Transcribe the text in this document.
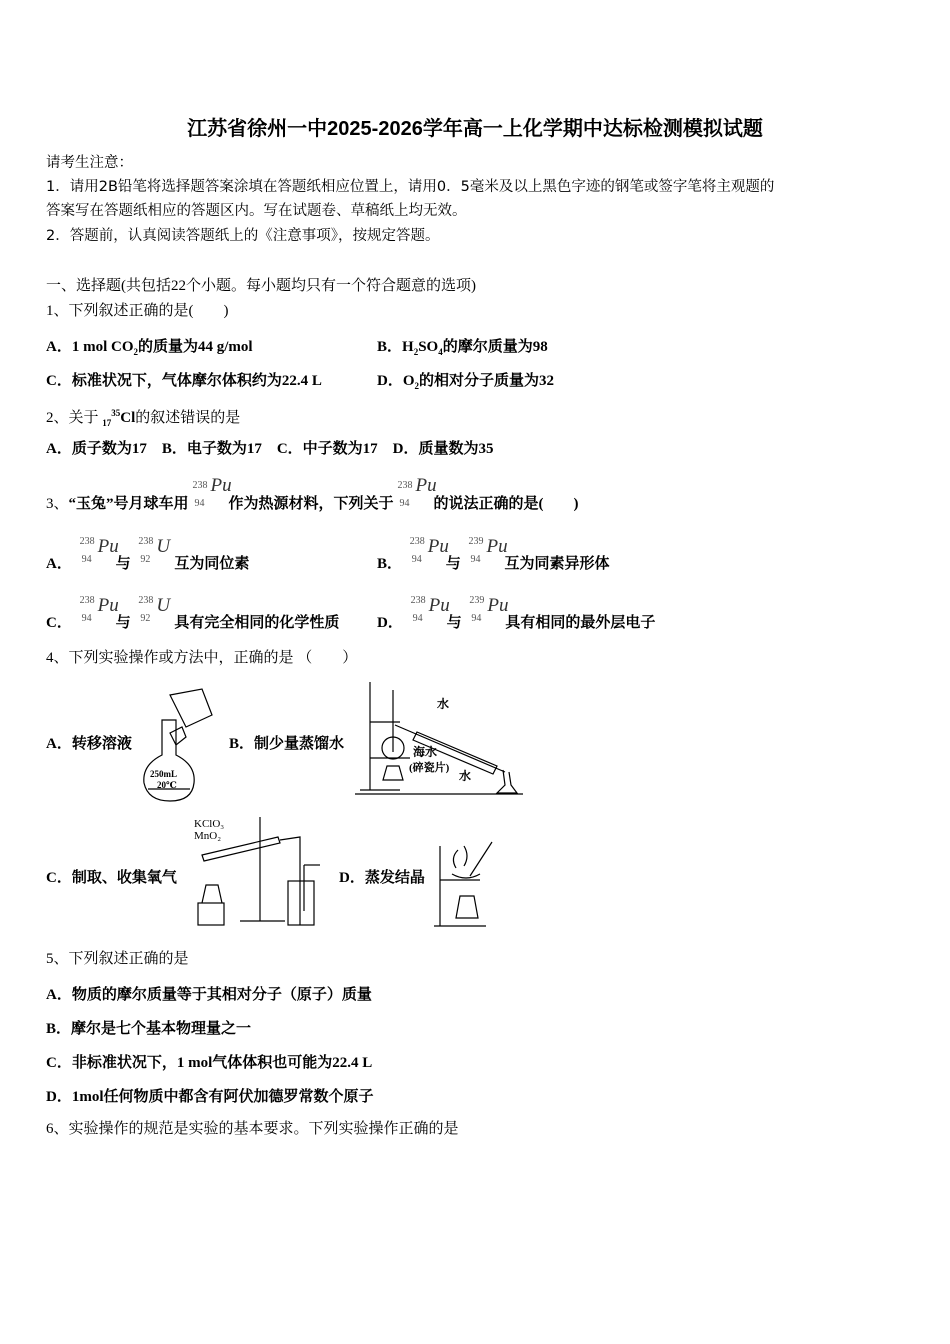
江苏省徐州一中2025-2026学年高一上化学期中达标检测模拟试题
请考生注意：
1．请用2B铅笔将选择题答案涂填在答题纸相应位置上，请用0．5毫米及以上黑色字迹的钢笔或签字笔将主观题的
答案写在答题纸相应的答题区内。写在试题卷、草稿纸上均无效。
2．答题前，认真阅读答题纸上的《注意事项》，按规定答题。
一、选择题(共包括22个小题。每小题均只有一个符合题意的选项)
1、下列叙述正确的是(　　)
A．1 mol $CO_2$的质量为44 g/mol	B．$H_2SO_4$的摩尔质量为98
C．标准状况下，气体摩尔体积约为22.4 L	D．$O_2$的相对分子质量为32
2、关于 $_{17}^{35}$Cl的叙述错误的是
A．质子数为17　B．电子数为17　C．中子数为17　D．质量数为35
3、“玉兔”号月球车用
238
94
Pu
作为热源材料，下列关于
238
94
Pu
的说法正确的是(　　)
A．
238
94
Pu
与
238
92
U
互为同位素	B．
238
94
Pu
与
239
94
Pu
互为同素异形体
C．
238
94
Pu
与
238
92
U
具有完全相同的化学性质	D．
238
94
Pu
与
239
94
Pu
具有相同的最外层电子
4、下列实验操作或方法中，正确的是 （　　）
A．转移溶液
250mL
20℃
B．制少量蒸馏水
水
海水
(碎瓷片)
水
C．制取、收集氧气
KClO₃
MnO₂
D．蒸发结晶
5、下列叙述正确的是
A．物质的摩尔质量等于其相对分子（原子）质量
B．摩尔是七个基本物理量之一
C．非标准状况下，1 mol气体体积也可能为22.4 L
D．1mol任何物质中都含有阿伏加德罗常数个原子
6、实验操作的规范是实验的基本要求。下列实验操作正确的是
